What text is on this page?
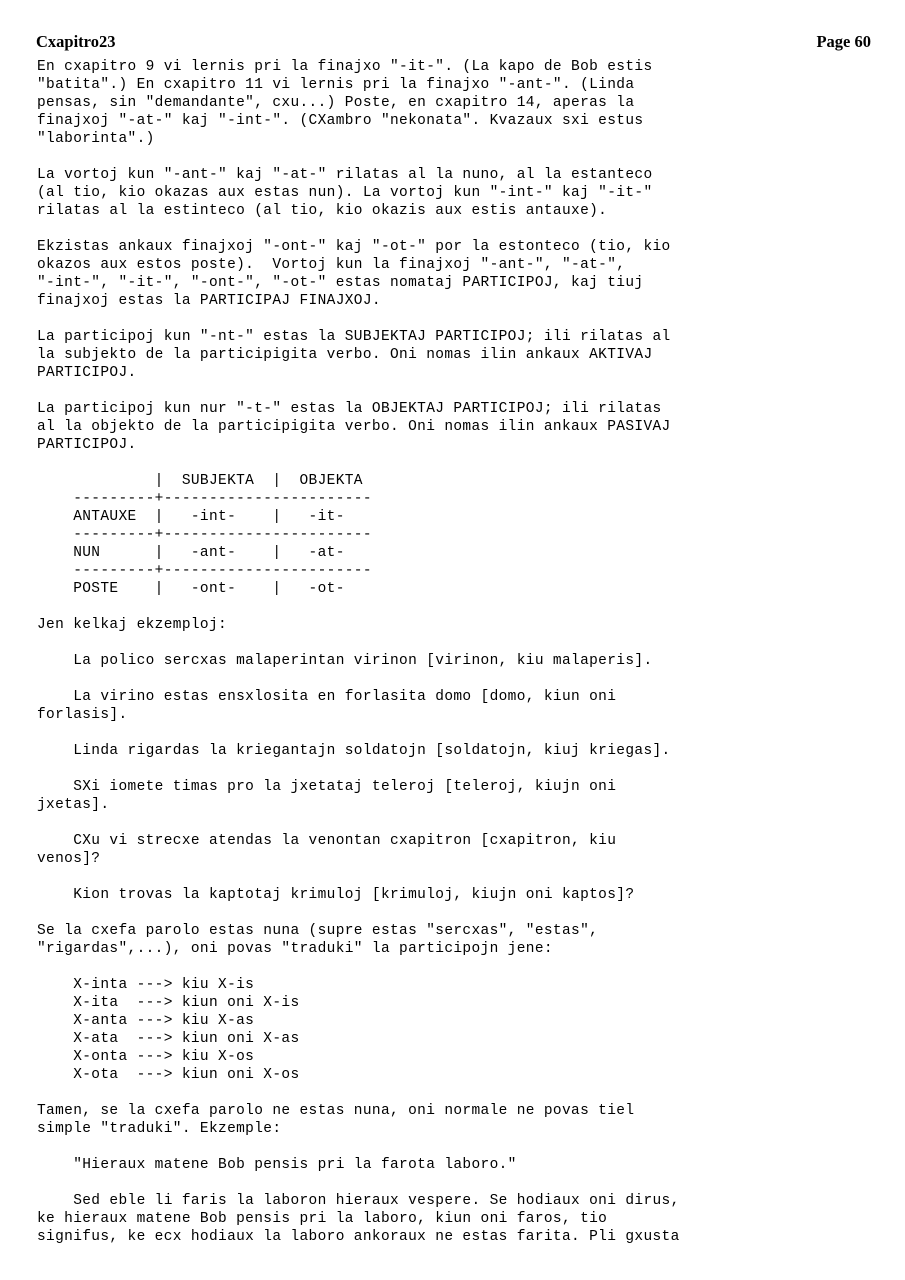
Cxapitro23	Page 60
En cxapitro 9 vi lernis pri la finajxo "-it-". (La kapo de Bob estis
"batita".) En cxapitro 11 vi lernis pri la finajxo "-ant-". (Linda
pensas, sin "demandante", cxu...) Poste, en cxapitro 14, aperas la
finajxoj "-at-" kaj "-int-". (CXambro "nekonata". Kvazaux sxi estus
"laborinta".)

La vortoj kun "-ant-" kaj "-at-" rilatas al la nuno, al la estanteco
(al tio, kio okazas aux estas nun). La vortoj kun "-int-" kaj "-it-"
rilatas al la estinteco (al tio, kio okazis aux estis antauxe).

Ekzistas ankaux finajxoj "-ont-" kaj "-ot-" por la estonteco (tio, kio
okazos aux estos poste).  Vortoj kun la finajxoj "-ant-", "-at-",
"-int-", "-it-", "-ont-", "-ot-" estas nomataj PARTICIPOJ, kaj tiuj
finajxoj estas la PARTICIPAJ FINAJXOJ.

La participoj kun "-nt-" estas la SUBJEKTAJ PARTICIPOJ; ili rilatas al
la subjekto de la participigita verbo. Oni nomas ilin ankaux AKTIVAJ
PARTICIPOJ.

La participoj kun nur "-t-" estas la OBJEKTAJ PARTICIPOJ; ili rilatas
al la objekto de la participigita verbo. Oni nomas ilin ankaux PASIVAJ
PARTICIPOJ.

|  SUBJEKTA  |  OBJEKTA
---------+-----------------------
ANTAUXE  |   -int-    |   -it-
---------+-----------------------
NUN      |   -ant-    |   -at-
---------+-----------------------
POSTE    |   -ont-    |   -ot-

Jen kelkaj ekzemploj:

La polico sercxas malaperintan virinon [virinon, kiu malaperis].

La virino estas ensxlosita en forlasita domo [domo, kiun oni
forlasis].

Linda rigardas la kriegantajn soldatojn [soldatojn, kiuj kriegas].

SXi iomete timas pro la jxetataj teleroj [teleroj, kiujn oni
jxetas].

CXu vi strecxe atendas la venontan cxapitron [cxapitron, kiu
venos]?

Kion trovas la kaptotaj krimuloj [krimuloj, kiujn oni kaptos]?

Se la cxefa parolo estas nuna (supre estas "sercxas", "estas",
"rigardas",...), oni povas "traduki" la participojn jene:

X-inta ---> kiu X-is
X-ita  ---> kiun oni X-is
X-anta ---> kiu X-as
X-ata  ---> kiun oni X-as
X-onta ---> kiu X-os
X-ota  ---> kiun oni X-os

Tamen, se la cxefa parolo ne estas nuna, oni normale ne povas tiel
simple "traduki". Ekzemple:

"Hieraux matene Bob pensis pri la farota laboro."

Sed eble li faris la laboron hieraux vespere. Se hodiaux oni dirus,
ke hieraux matene Bob pensis pri la laboro, kiun oni faros, tio
signifus, ke ecx hodiaux la laboro ankoraux ne estas farita. Pli gxusta
